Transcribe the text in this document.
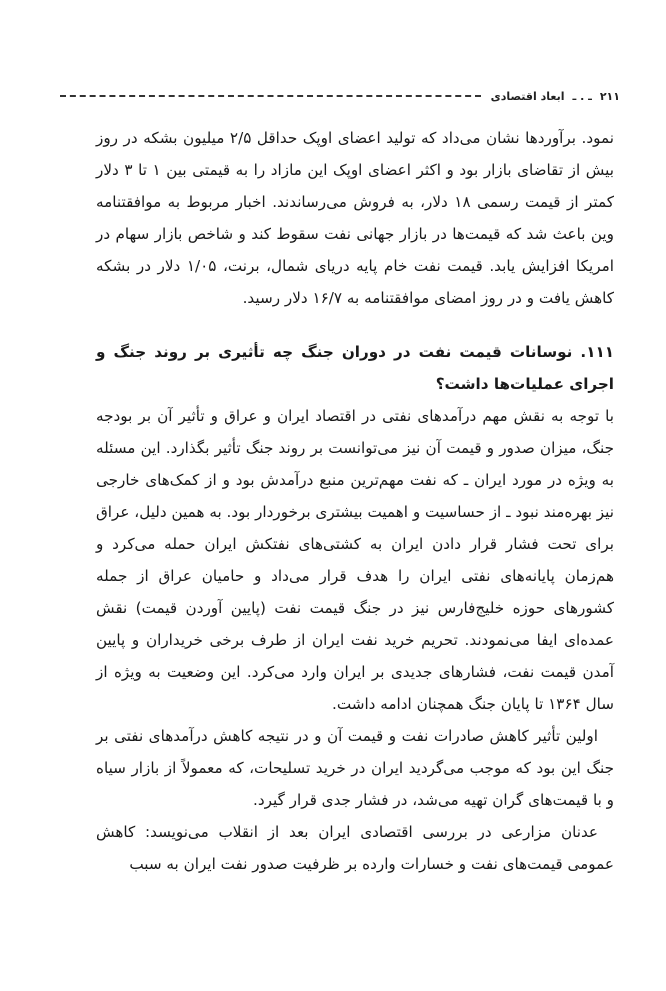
۲۱۱
ـ . ـ
ابعاد اقتصادی

نمود. برآوردها نشان می‌داد که تولید اعضای اوپک حداقل ۲/۵ میلیون بشکه در روز بیش از تقاضای بازار بود و اکثر اعضای اوپک این مازاد را به قیمتی بین ۱ تا ۳ دلار کمتر از قیمت رسمی ۱۸ دلار، به فروش می‌رساندند. اخبار مربوط به موافقتنامه وین باعث شد که قیمت‌ها در بازار جهانی نفت سقوط کند و شاخص بازار سهام در امریکا افزایش یابد. قیمت نفت خام پایه دریای شمال، برنت، ۱/۰۵ دلار در بشکه کاهش یافت و در روز امضای موافقتنامه به ۱۶/۷ دلار رسید.

۱۱۱. نوسانات قیمت نفت در دوران جنگ چه تأثیری بر روند جنگ و اجرای عملیات‌ها داشت؟

با توجه به نقش مهم درآمدهای نفتی در اقتصاد ایران و عراق و تأثیر آن بر بودجه جنگ، میزان صدور و قیمت آن نیز می‌توانست بر روند جنگ تأثیر بگذارد. این مسئله به ویژه در مورد ایران ـ که نفت مهم‌ترین منبع درآمدش بود و از کمک‌های خارجی نیز بهره‌مند نبود ـ از حساسیت و اهمیت بیشتری برخوردار بود. به همین دلیل، عراق برای تحت فشار قرار دادن ایران به کشتی‌های نفتکش ایران حمله می‌کرد و هم‌زمان پایانه‌های نفتی ایران را هدف قرار می‌داد و حامیان عراق از جمله کشورهای حوزه خلیج‌فارس نیز در جنگ قیمت نفت (پایین آوردن قیمت) نقش عمده‌ای ایفا می‌نمودند. تحریم خرید نفت ایران از طرف برخی خریداران و پایین آمدن قیمت نفت، فشارهای جدیدی بر ایران وارد می‌کرد. این وضعیت به ویژه از سال ۱۳۶۴ تا پایان جنگ همچنان ادامه داشت.

اولین تأثیر کاهش صادرات نفت و قیمت آن و در نتیجه کاهش درآمدهای نفتی بر جنگ این بود که موجب می‌گردید ایران در خرید تسلیحات، که معمولاً از بازار سیاه و با قیمت‌های گران تهیه می‌شد، در فشار جدی قرار گیرد.

عدنان مزارعی در بررسی اقتصادی ایران بعد از انقلاب می‌نویسد: کاهش عمومی قیمت‌های نفت و خسارات وارده بر ظرفیت صدور نفت ایران به سبب
